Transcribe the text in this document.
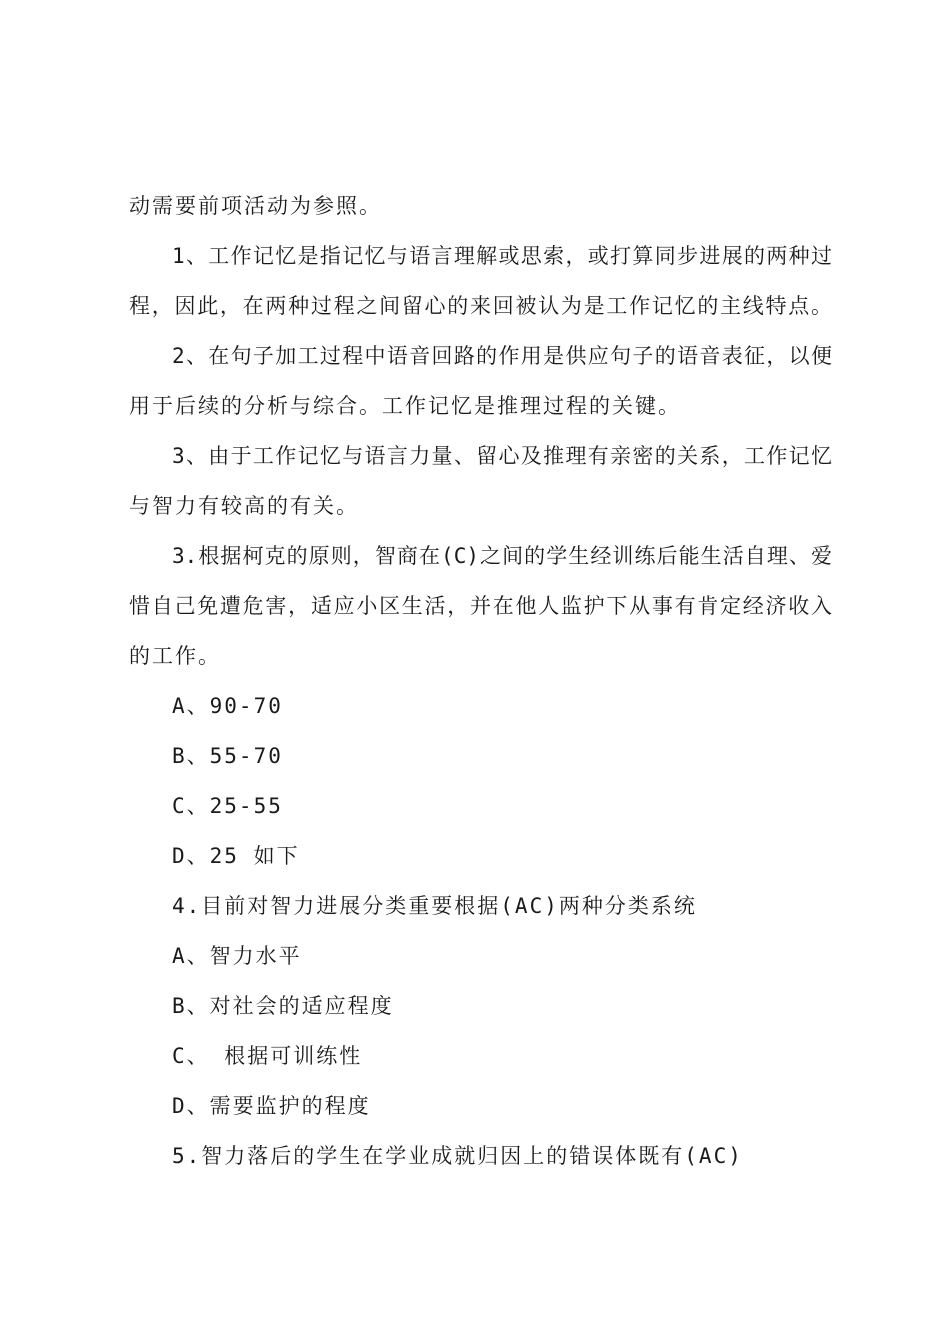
动需要前项活动为参照。
1、工作记忆是指记忆与语言理解或思索，或打算同步进展的两种过
程，因此，在两种过程之间留心的来回被认为是工作记忆的主线特点。
2、在句子加工过程中语音回路的作用是供应句子的语音表征，以便
用于后续的分析与综合。工作记忆是推理过程的关键。
3、由于工作记忆与语言力量、留心及推理有亲密的关系，工作记忆
与智力有较高的有关。
3.根据柯克的原则，智商在(C)之间的学生经训练后能生活自理、爱
惜自己免遭危害，适应小区生活，并在他人监护下从事有肯定经济收入
的工作。
A、90-70
B、55-70
C、25-55
D、25 如下
4.目前对智力进展分类重要根据(AC)两种分类系统
A、智力水平
B、对社会的适应程度
C、 根据可训练性
D、需要监护的程度
5.智力落后的学生在学业成就归因上的错误体既有(AC)
